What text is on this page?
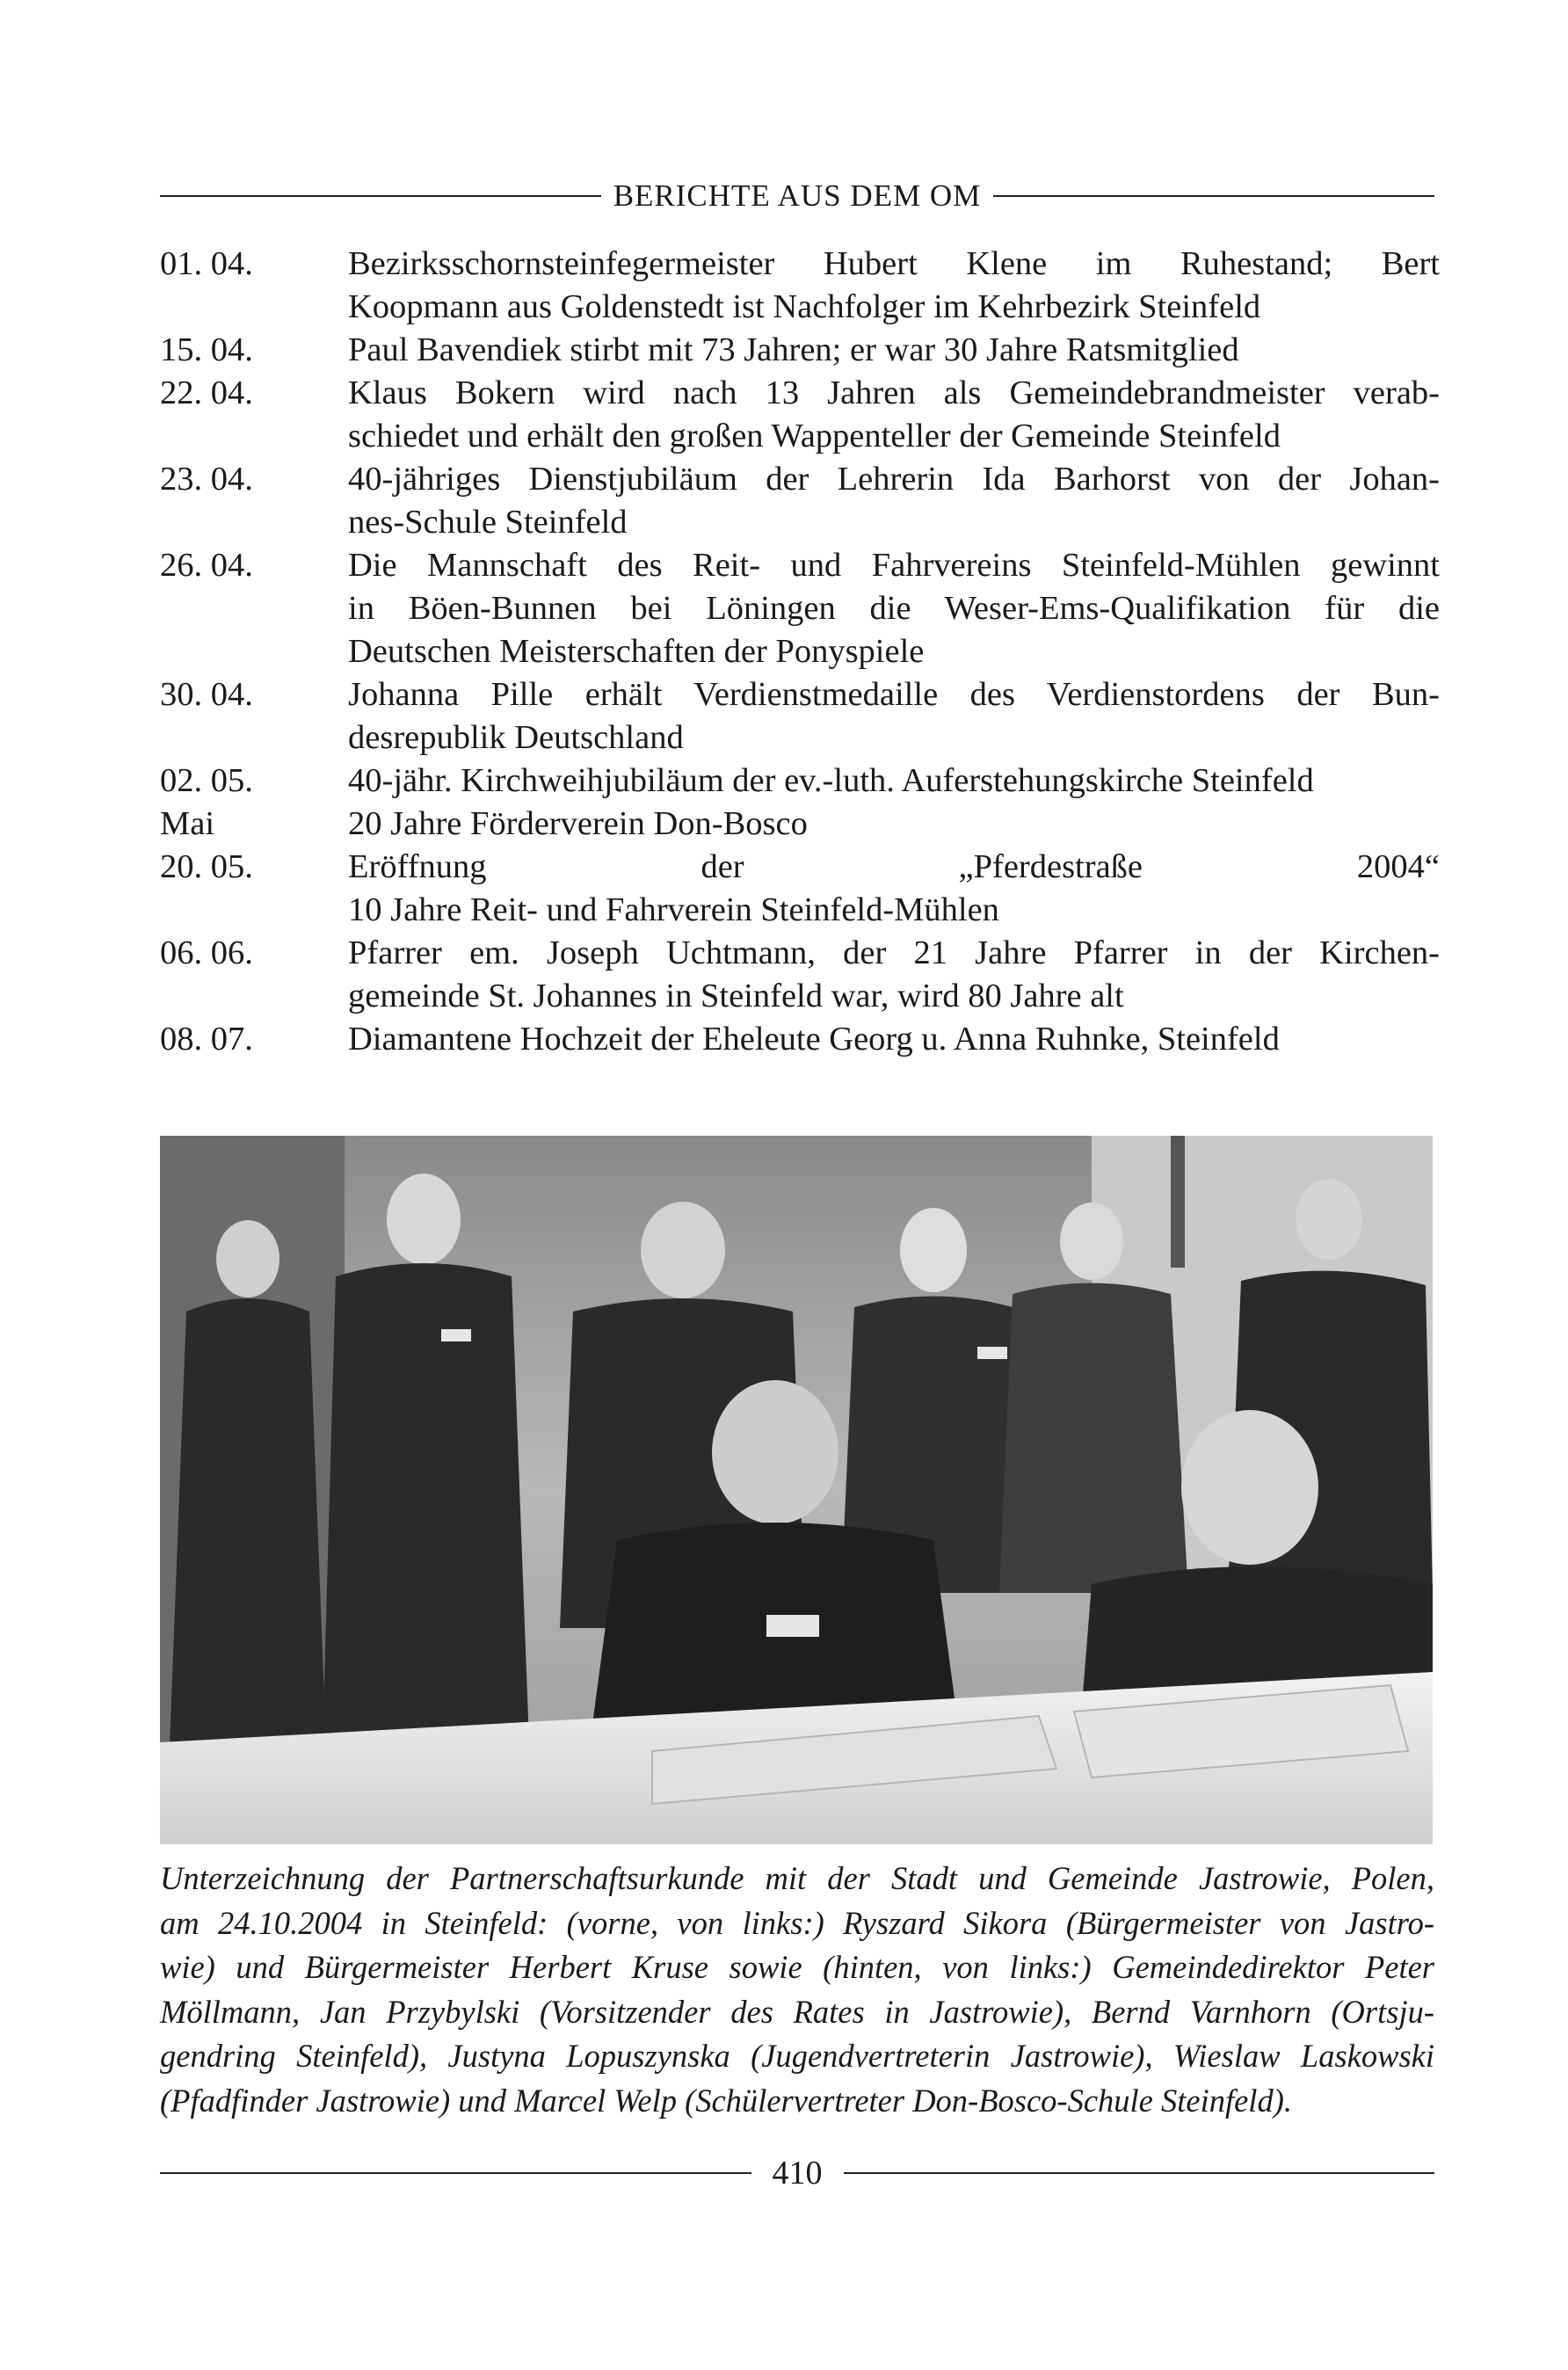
BERICHTE AUS DEM OM
01. 04.	Bezirksschornsteinfegermeister Hubert Klene im Ruhestand; Bert
Koopmann aus Goldenstedt ist Nachfolger im Kehrbezirk Steinfeld
15. 04.	Paul Bavendiek stirbt mit 73 Jahren; er war 30 Jahre Ratsmitglied
22. 04.	Klaus Bokern wird nach 13 Jahren als Gemeindebrandmeister verab-
schiedet und erhält den großen Wappenteller der Gemeinde Steinfeld
23. 04.	40-jähriges Dienstjubiläum der Lehrerin Ida Barhorst von der Johan-
nes-Schule Steinfeld
26. 04.	Die Mannschaft des Reit- und Fahrvereins Steinfeld-Mühlen gewinnt
in Böen-Bunnen bei Löningen die Weser-Ems-Qualifikation für die
Deutschen Meisterschaften der Ponyspiele
30. 04.	Johanna Pille erhält Verdienstmedaille des Verdienstordens der Bun-
desrepublik Deutschland
02. 05.	40-jähr. Kirchweihjubiläum der ev.-luth. Auferstehungskirche Steinfeld
Mai	20 Jahre Förderverein Don-Bosco
20. 05.	Eröffnung der „Pferdestraße 2004“
10 Jahre Reit- und Fahrverein Steinfeld-Mühlen
06. 06.	Pfarrer em. Joseph Uchtmann, der 21 Jahre Pfarrer in der Kirchen-
gemeinde St. Johannes in Steinfeld war, wird 80 Jahre alt
08. 07.	Diamantene Hochzeit der Eheleute Georg u. Anna Ruhnke, Steinfeld
Unterzeichnung der Partnerschaftsurkunde mit der Stadt und Gemeinde Jastrowie, Polen,
am 24.10.2004 in Steinfeld: (vorne, von links:) Ryszard Sikora (Bürgermeister von Jastro-
wie) und Bürgermeister Herbert Kruse sowie (hinten, von links:) Gemeindedirektor Peter
Möllmann, Jan Przybylski (Vorsitzender des Rates in Jastrowie), Bernd Varnhorn (Ortsju-
gendring Steinfeld), Justyna Lopuszynska (Jugendvertreterin Jastrowie), Wieslaw Laskowski
(Pfadfinder Jastrowie) und Marcel Welp (Schülervertreter Don-Bosco-Schule Steinfeld).
410
